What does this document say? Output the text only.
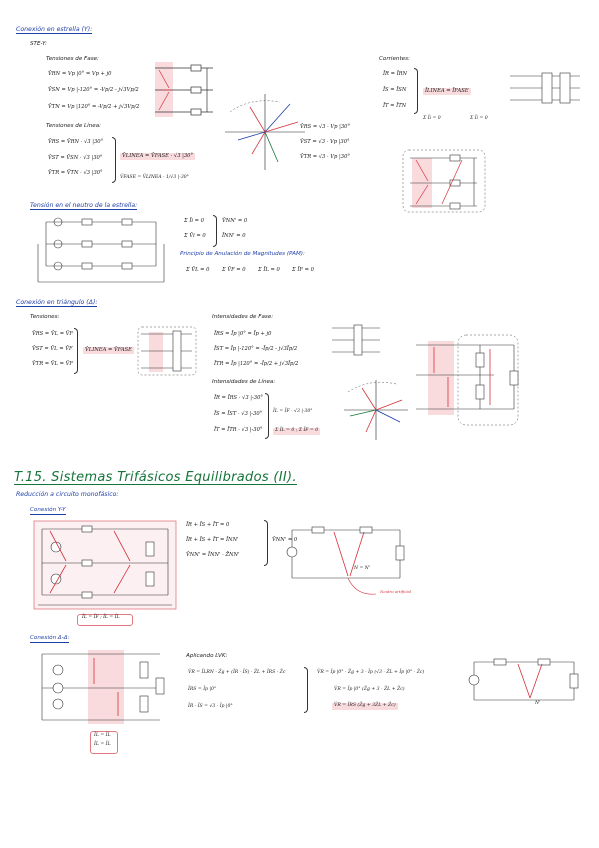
Conexión en estrella (Y):
STE-Y:
Tensiones de Fase:
V̄RN = Vp |0° = Vp + j0
V̄SN = Vp |-120° = -Vp/2 - j√3Vp/2
V̄TN = Vp |120° = -Vp/2 + j√3Vp/2
Tensiones de Línea:
V̄RS = V̄RN · √3 |30°
V̄ST = V̄SN · √3 |30°
V̄TR = V̄TN · √3 |30°
V̄LINEA = V̄FASE · √3 |30°
V̄FASE = V̄LINEA · 1/√3 |-30°
V̄RS = √3 · Vp |30°
V̄ST = √3 · Vp |30°
V̄TR = √3 · Vp |30°
Corrientes:
ĪR = ĪRN
ĪS = ĪSN
ĪT = ĪTN
ĪLINEA = ĪFASE
Σ Īi = 0	Σ Īi = 0
Tensión en el neutro de la estrella:
Σ Īi = 0
Σ V̄i = 0
V̄NN' = 0
ĪNN' = 0
Principio de Anulación de Magnitudes (PAM):
Σ V̄L = 0 Σ V̄F = 0 Σ ĪL = 0 Σ ĪF = 0
Conexión en triángulo (Δ):
Tensiones:
V̄RS = V̄L = V̄F
V̄ST = V̄L = V̄F
V̄TR = V̄L = V̄F
V̄LINEA = V̄FASE
Intensidades de Fase:
ĪRS = Īp |0° = Īp + j0
ĪST = Īp |-120° = -Īp/2 - j√3Īp/2
ĪTR = Īp |120° = -Īp/2 + j√3Īp/2
Intensidades de Línea:
ĪR = ĪRS · √3 |-30°
ĪS = ĪST · √3 |-30°
ĪT = ĪTR · √3 |-30°
ĪL = ĪF · √3 |-30°
Σ ĪL = 0 ; Σ ĪF = 0
T.15. Sistemas Trifásicos Equilibrados (II).
Reducción a circuito monofásico:
Conexión Y-Y
ĪL = ĪF ; ĪL = ĪL
ĪR + ĪS + ĪT = 0
ĪR + ĪS + ĪT = ĪNN'
V̄NN' = ĪNN' · Z̄NN'
V̄NN' = 0
N = N'
Neutro artificial
Conexión Δ-Δ:
ĪL = ĪL
ĪL = ĪL
Aplicando LVK:
V̄R = ĪLRN · Z̄g + (ĪR - ĪS) · Z̄L + ĪRS · Z̄c
ĪRS = Īp |0°
ĪR - ĪS = √3 · Īp |0°
V̄R = Īp |0° · Z̄g + 3 · Īp (√3 · Z̄L + Īp |0° · Z̄c)
V̄R = Īp |0° (Z̄g + 3 · Z̄L + Z̄c)
V̄R = ĪRS (Z̄g + 3Z̄L + Z̄c)	N'
